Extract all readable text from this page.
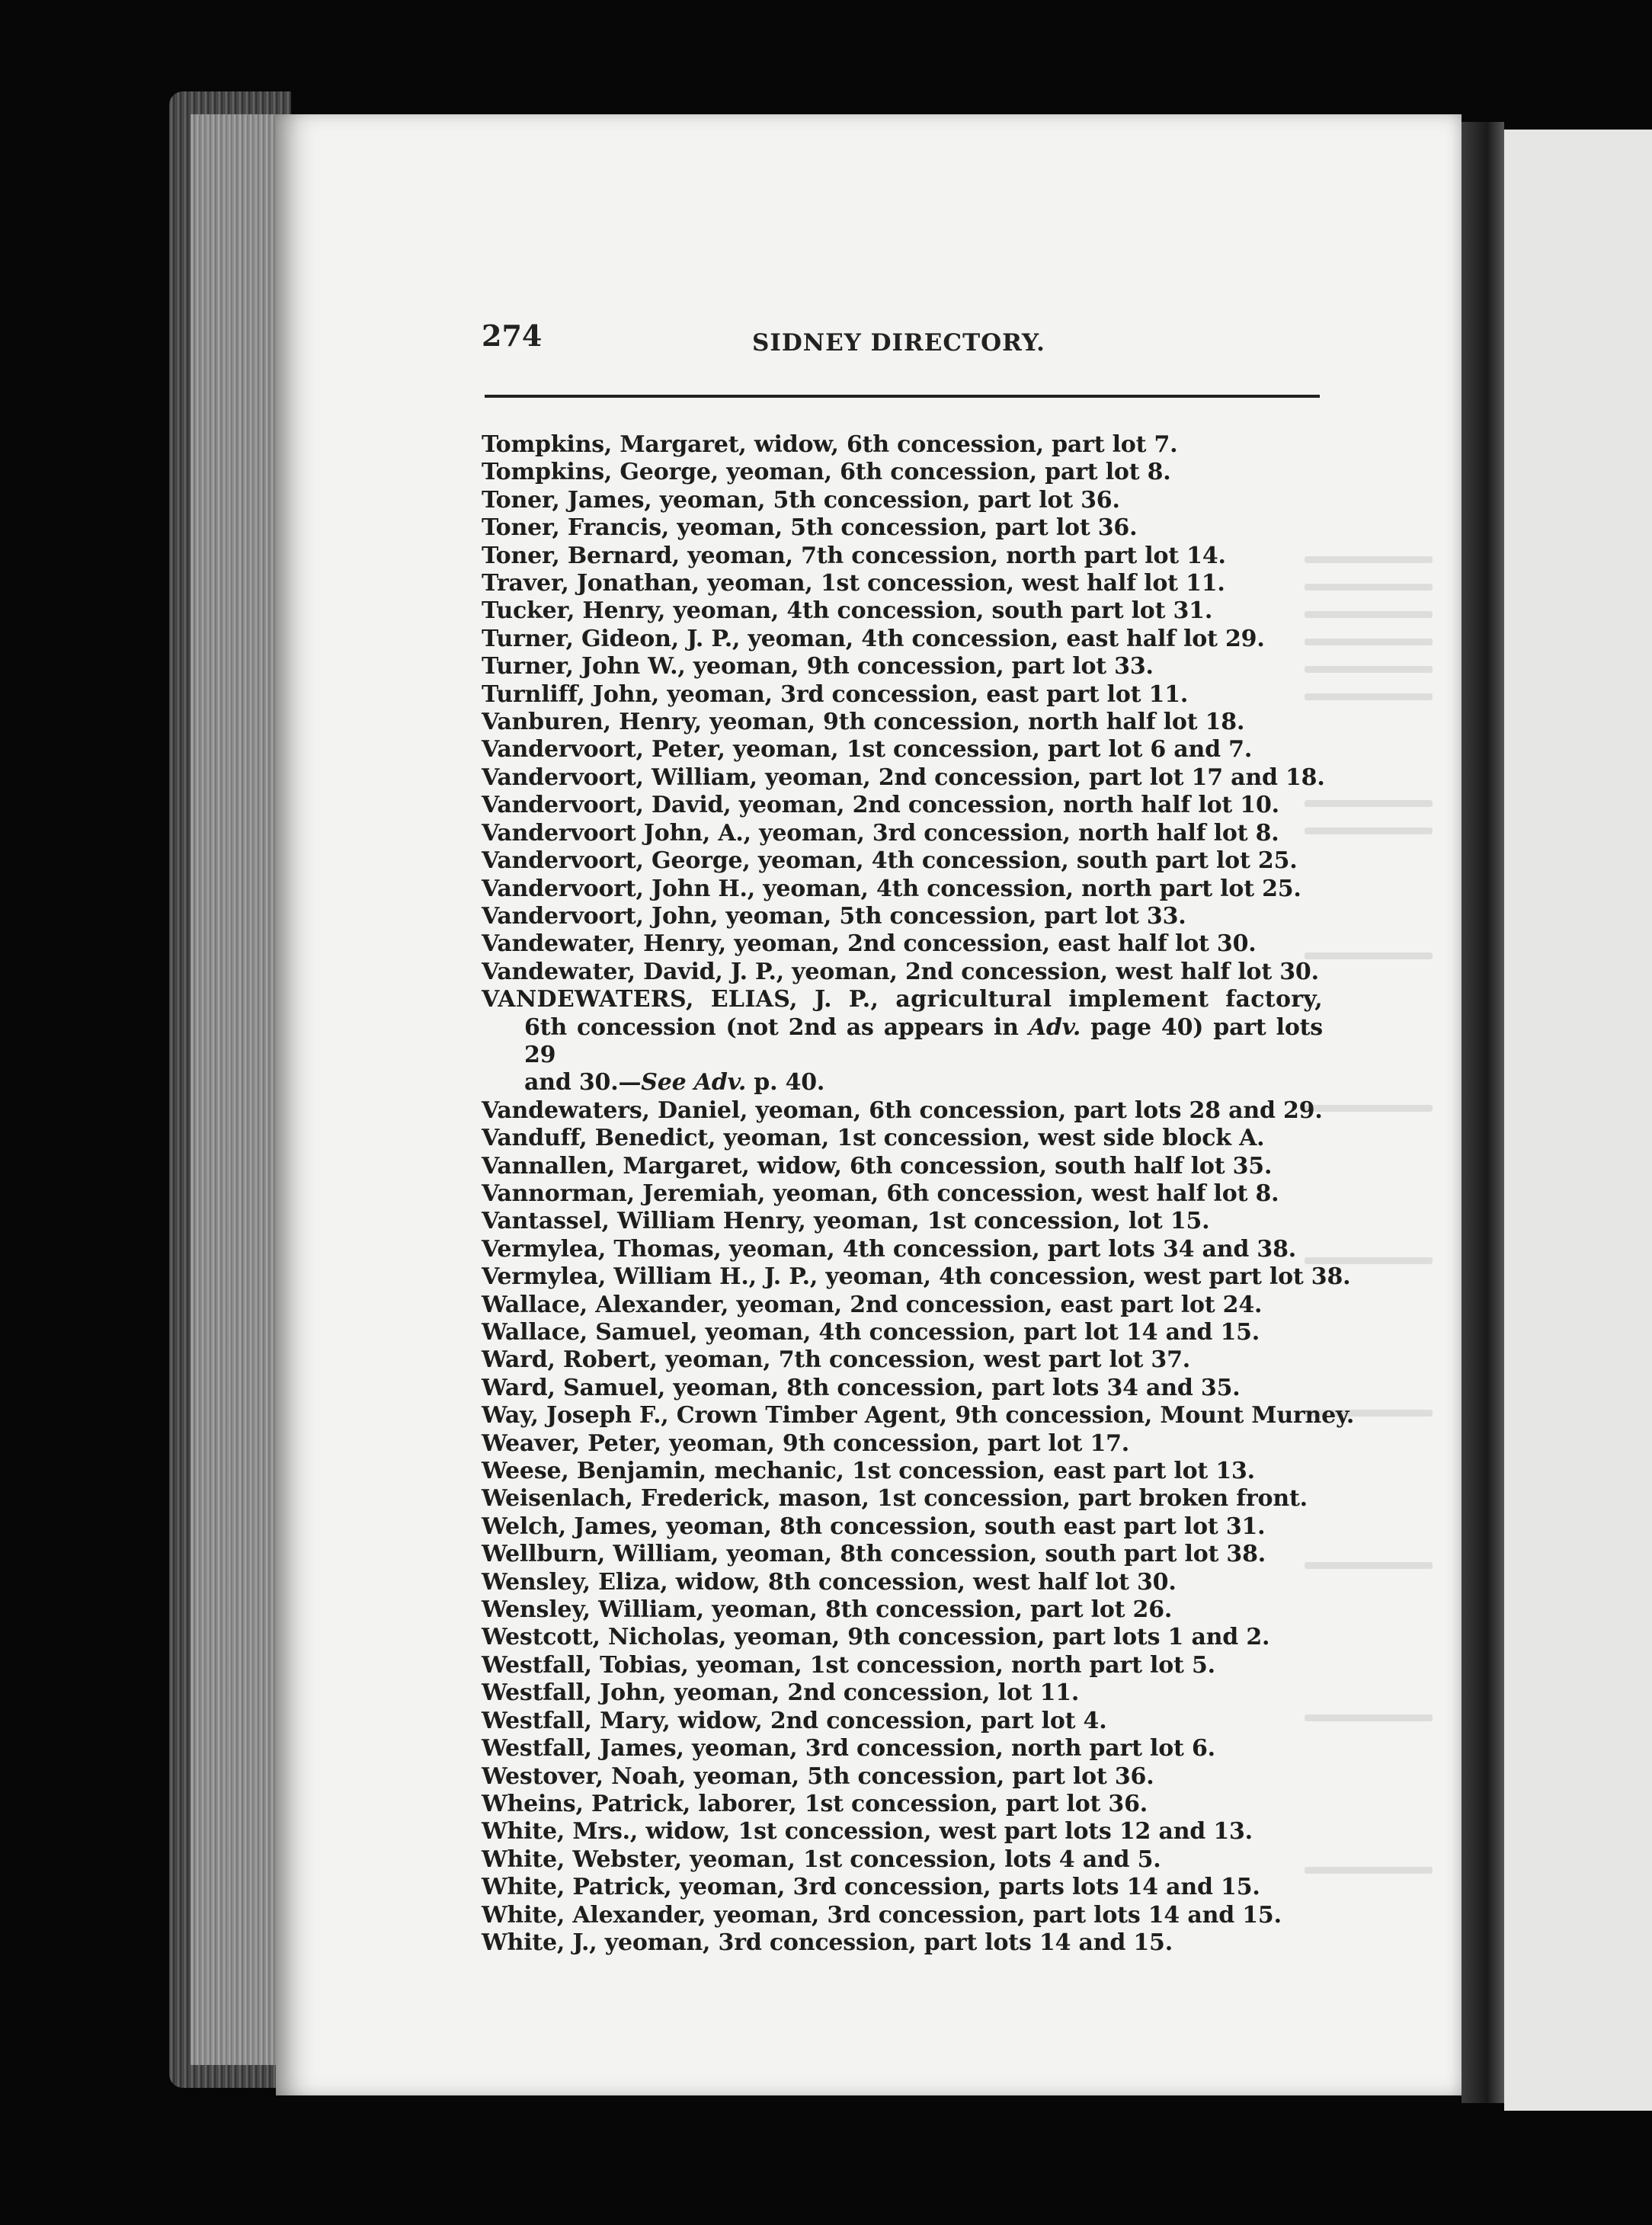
274	SIDNEY DIRECTORY.
Tompkins, Margaret, widow, 6th concession, part lot 7.
Tompkins, George, yeoman, 6th concession, part lot 8.
Toner, James, yeoman, 5th concession, part lot 36.
Toner, Francis, yeoman, 5th concession, part lot 36.
Toner, Bernard, yeoman, 7th concession, north part lot 14.
Traver, Jonathan, yeoman, 1st concession, west half lot 11.
Tucker, Henry, yeoman, 4th concession, south part lot 31.
Turner, Gideon, J. P., yeoman, 4th concession, east half lot 29.
Turner, John W., yeoman, 9th concession, part lot 33.
Turnliff, John, yeoman, 3rd concession, east part lot 11.
Vanburen, Henry, yeoman, 9th concession, north half lot 18.
Vandervoort, Peter, yeoman, 1st concession, part lot 6 and 7.
Vandervoort, William, yeoman, 2nd concession, part lot 17 and 18.
Vandervoort, David, yeoman, 2nd concession, north half lot 10.
Vandervoort John, A., yeoman, 3rd concession, north half lot 8.
Vandervoort, George, yeoman, 4th concession, south part lot 25.
Vandervoort, John H., yeoman, 4th concession, north part lot 25.
Vandervoort, John, yeoman, 5th concession, part lot 33.
Vandewater, Henry, yeoman, 2nd concession, east half lot 30.
Vandewater, David, J. P., yeoman, 2nd concession, west half lot 30.
VANDEWATERS, ELIAS, J. P., agricultural implement factory,
6th concession (not 2nd as appears in Adv. page 40) part lots 29
and 30.—See Adv. p. 40.
Vandewaters, Daniel, yeoman, 6th concession, part lots 28 and 29.
Vanduff, Benedict, yeoman, 1st concession, west side block A.
Vannallen, Margaret, widow, 6th concession, south half lot 35.
Vannorman, Jeremiah, yeoman, 6th concession, west half lot 8.
Vantassel, William Henry, yeoman, 1st concession, lot 15.
Vermylea, Thomas, yeoman, 4th concession, part lots 34 and 38.
Vermylea, William H., J. P., yeoman, 4th concession, west part lot 38.
Wallace, Alexander, yeoman, 2nd concession, east part lot 24.
Wallace, Samuel, yeoman, 4th concession, part lot 14 and 15.
Ward, Robert, yeoman, 7th concession, west part lot 37.
Ward, Samuel, yeoman, 8th concession, part lots 34 and 35.
Way, Joseph F., Crown Timber Agent, 9th concession, Mount Murney.
Weaver, Peter, yeoman, 9th concession, part lot 17.
Weese, Benjamin, mechanic, 1st concession, east part lot 13.
Weisenlach, Frederick, mason, 1st concession, part broken front.
Welch, James, yeoman, 8th concession, south east part lot 31.
Wellburn, William, yeoman, 8th concession, south part lot 38.
Wensley, Eliza, widow, 8th concession, west half lot 30.
Wensley, William, yeoman, 8th concession, part lot 26.
Westcott, Nicholas, yeoman, 9th concession, part lots 1 and 2.
Westfall, Tobias, yeoman, 1st concession, north part lot 5.
Westfall, John, yeoman, 2nd concession, lot 11.
Westfall, Mary, widow, 2nd concession, part lot 4.
Westfall, James, yeoman, 3rd concession, north part lot 6.
Westover, Noah, yeoman, 5th concession, part lot 36.
Wheins, Patrick, laborer, 1st concession, part lot 36.
White, Mrs., widow, 1st concession, west part lots 12 and 13.
White, Webster, yeoman, 1st concession, lots 4 and 5.
White, Patrick, yeoman, 3rd concession, parts lots 14 and 15.
White, Alexander, yeoman, 3rd concession, part lots 14 and 15.
White, J., yeoman, 3rd concession, part lots 14 and 15.
